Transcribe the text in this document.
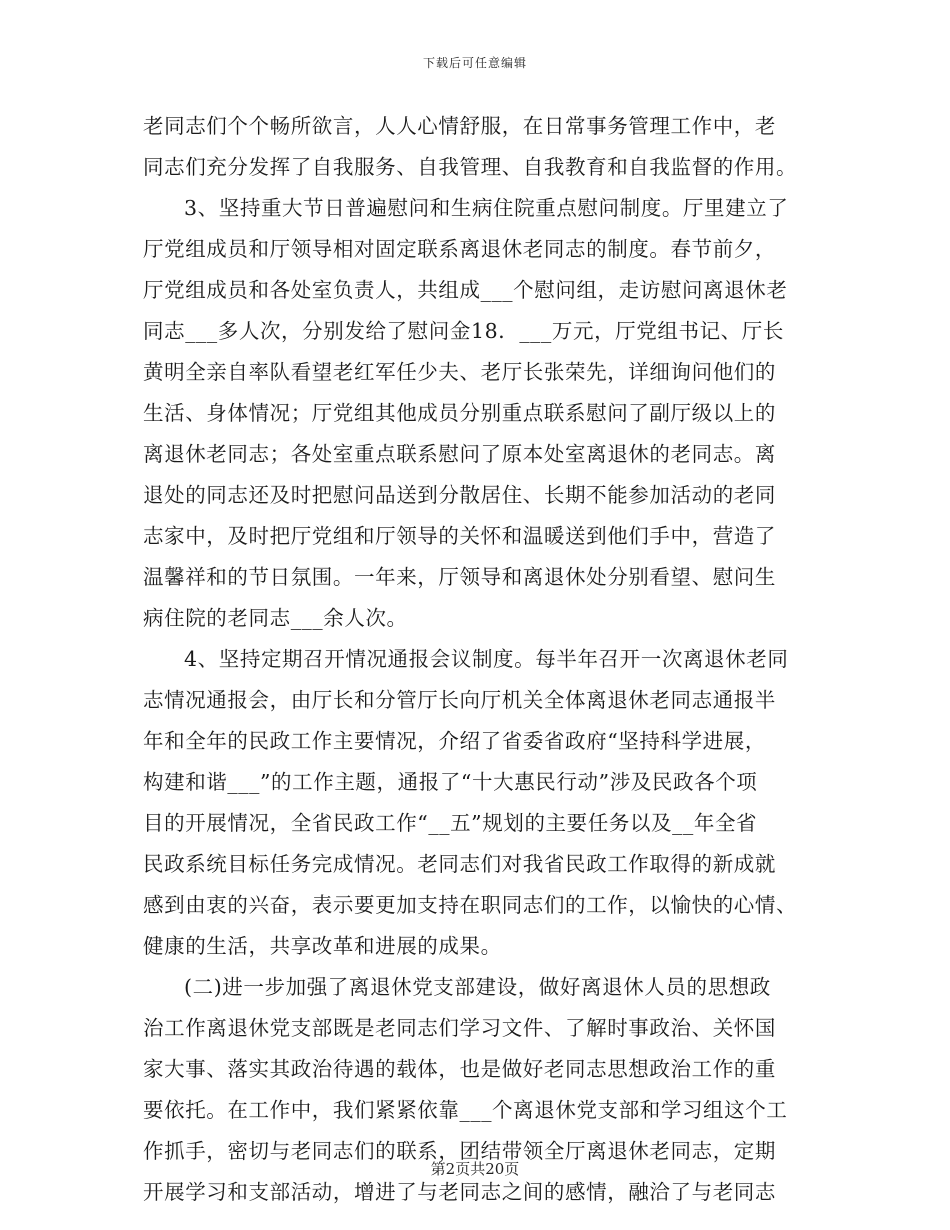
下载后可任意编辑
老同志们个个畅所欲言，人人心情舒服，在日常事务管理工作中，老
同志们充分发挥了自我服务、自我管理、自我教育和自我监督的作用。
3、坚持重大节日普遍慰问和生病住院重点慰问制度。厅里建立了
厅党组成员和厅领导相对固定联系离退休老同志的制度。春节前夕，
厅党组成员和各处室负责人，共组成___个慰问组，走访慰问离退休老
同志___多人次，分别发给了慰问金18．___万元，厅党组书记、厅长
黄明全亲自率队看望老红军任少夫、老厅长张荣先，详细询问他们的
生活、身体情况；厅党组其他成员分别重点联系慰问了副厅级以上的
离退休老同志；各处室重点联系慰问了原本处室离退休的老同志。离
退处的同志还及时把慰问品送到分散居住、长期不能参加活动的老同
志家中，及时把厅党组和厅领导的关怀和温暖送到他们手中，营造了
温馨祥和的节日氛围。一年来，厅领导和离退休处分别看望、慰问生
病住院的老同志___余人次。
4、坚持定期召开情况通报会议制度。每半年召开一次离退休老同
志情况通报会，由厅长和分管厅长向厅机关全体离退休老同志通报半
年和全年的民政工作主要情况，介绍了省委省政府“坚持科学进展，
构建和谐___”的工作主题，通报了“十大惠民行动”涉及民政各个项
目的开展情况，全省民政工作“__五”规划的主要任务以及__年全省
民政系统目标任务完成情况。老同志们对我省民政工作取得的新成就
感到由衷的兴奋，表示要更加支持在职同志们的工作，以愉快的心情、
健康的生活，共享改革和进展的成果。
(二)进一步加强了离退休党支部建设，做好离退休人员的思想政
治工作离退休党支部既是老同志们学习文件、了解时事政治、关怀国
家大事、落实其政治待遇的载体，也是做好老同志思想政治工作的重
要依托。在工作中，我们紧紧依靠___个离退休党支部和学习组这个工
作抓手，密切与老同志们的联系，团结带领全厅离退休老同志，定期
开展学习和支部活动，增进了与老同志之间的感情，融洽了与老同志
第2页共20页
